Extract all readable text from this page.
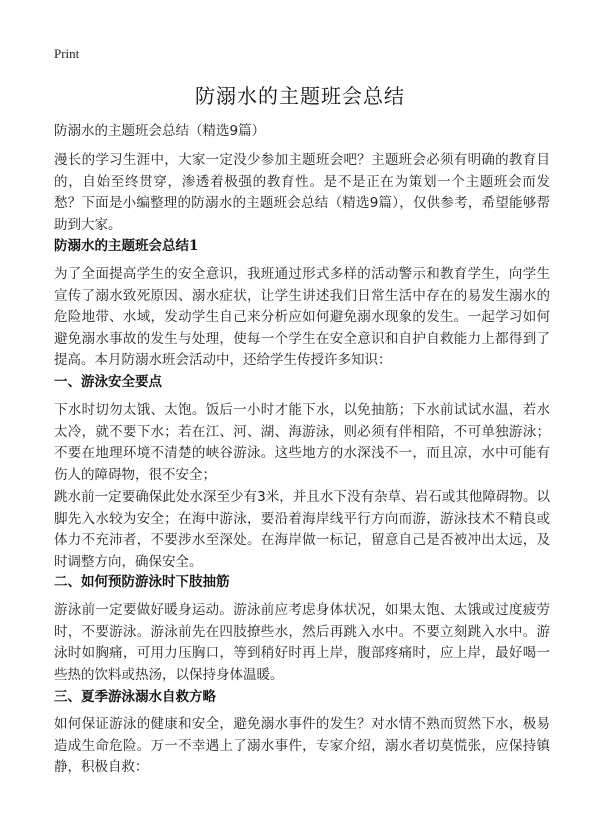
Print
防溺水的主题班会总结
防溺水的主题班会总结（精选9篇）

漫长的学习生涯中，大家一定没少参加主题班会吧？主题班会必须有明确的教育目的，自始至终贯穿，渗透着极强的教育性。是不是正在为策划一个主题班会而发愁？下面是小编整理的防溺水的主题班会总结（精选9篇），仅供参考，希望能够帮助到大家。

防溺水的主题班会总结1

为了全面提高学生的安全意识，我班通过形式多样的活动警示和教育学生，向学生宣传了溺水致死原因、溺水症状，让学生讲述我们日常生活中存在的易发生溺水的危险地带、水域，发动学生自己来分析应如何避免溺水现象的发生。一起学习如何避免溺水事故的发生与处理，使每一个学生在安全意识和自护自救能力上都得到了提高。本月防溺水班会活动中，还给学生传授许多知识：

一、游泳安全要点

下水时切勿太饿、太饱。饭后一小时才能下水，以免抽筋；下水前试试水温，若水太冷，就不要下水；若在江、河、湖、海游泳，则必须有伴相陪，不可单独游泳；不要在地理环境不清楚的峡谷游泳。这些地方的水深浅不一，而且凉，水中可能有伤人的障碍物，很不安全；

跳水前一定要确保此处水深至少有3米，并且水下没有杂草、岩石或其他障碍物。以脚先入水较为安全；在海中游泳，要沿着海岸线平行方向而游，游泳技术不精良或体力不充沛者，不要涉水至深处。在海岸做一标记，留意自己是否被冲出太远，及时调整方向，确保安全。

二、如何预防游泳时下肢抽筋

游泳前一定要做好暖身运动。游泳前应考虑身体状况，如果太饱、太饿或过度疲劳时，不要游泳。游泳前先在四肢撩些水，然后再跳入水中。不要立刻跳入水中。游泳时如胸痛，可用力压胸口，等到稍好时再上岸，腹部疼痛时，应上岸，最好喝一些热的饮料或热汤，以保持身体温暖。

三、夏季游泳溺水自救方略

如何保证游泳的健康和安全，避免溺水事件的发生？对水情不熟而贸然下水，极易造成生命危险。万一不幸遇上了溺水事件，专家介绍，溺水者切莫慌张，应保持镇静，积极自救：
